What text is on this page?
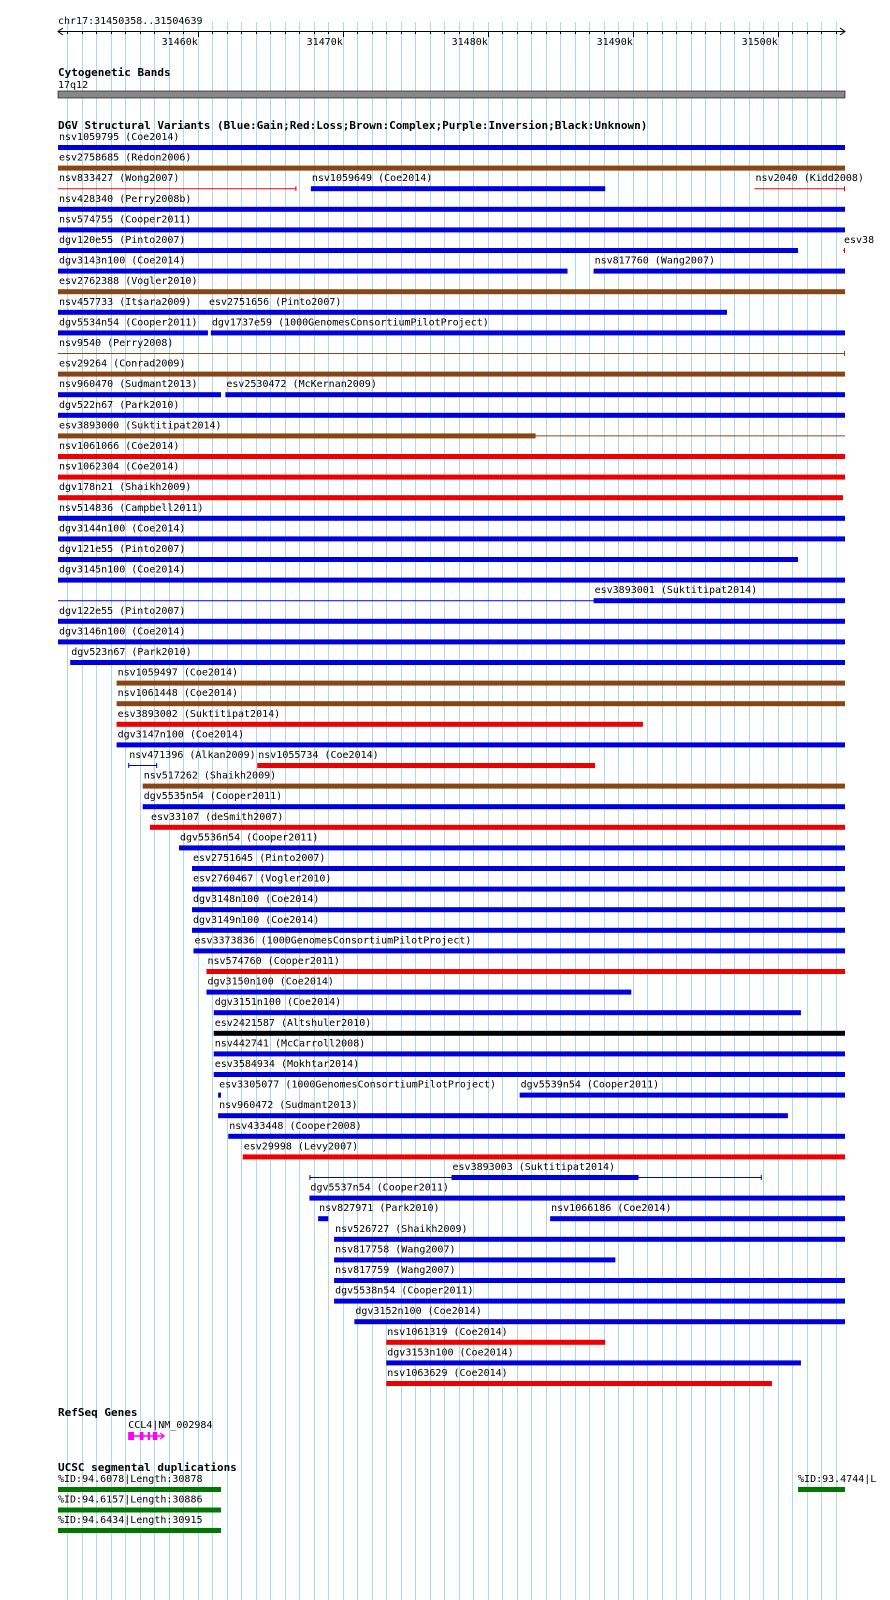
chr17:31450358..31504639
31460k	31470k	31480k	31490k	31500k
Cytogenetic Bands
17q12
DGV Structural Variants (Blue:Gain;Red:Loss;Brown:Complex;Purple:Inversion;Black:Unknown)
nsv1059795 (Coe2014)
esv2758685 (Redon2006)
nsv833427 (Wong2007)	nsv1059649 (Coe2014)	nsv2040 (Kidd2008)
nsv428340 (Perry2008b)
nsv574755 (Cooper2011)
dgv120e55 (Pinto2007)	esv38
dgv3143n100 (Coe2014)	nsv817760 (Wang2007)
esv2762388 (Vogler2010)
nsv457733 (Itsara2009) esv2751656 (Pinto2007)
dgv5534n54 (Cooper2011) dgv1737e59 (1000GenomesConsortiumPilotProject)
nsv9540 (Perry2008)
esv29264 (Conrad2009)
nsv960470 (Sudmant2013)	esv2530472 (McKernan2009)
dgv522n67 (Park2010)
esv3893000 (Suktitipat2014)
nsv1061066 (Coe2014)
nsv1062304 (Coe2014)
dgv178n21 (Shaikh2009)
nsv514836 (Campbell2011)
dgv3144n100 (Coe2014)
dgv121e55 (Pinto2007)
dgv3145n100 (Coe2014)
esv3893001 (Suktitipat2014)
dgv122e55 (Pinto2007)
dgv3146n100 (Coe2014)
dgv523n67 (Park2010)
nsv1059497 (Coe2014)
nsv1061448 (Coe2014)
esv3893002 (Suktitipat2014)
dgv3147n100 (Coe2014)
nsv471396 (Alkan2009) nsv1055734 (Coe2014)
nsv517262 (Shaikh2009)
dgv5535n54 (Cooper2011)
esv33107 (deSmith2007)
dgv5536n54 (Cooper2011)
esv2751645 (Pinto2007)
esv2760467 (Vogler2010)
dgv3148n100 (Coe2014)
dgv3149n100 (Coe2014)
esv3373836 (1000GenomesConsortiumPilotProject)
nsv574760 (Cooper2011)
dgv3150n100 (Coe2014)
dgv3151n100 (Coe2014)
esv2421587 (Altshuler2010)
nsv442741 (McCarroll2008)
esv3584934 (Mokhtar2014)
esv3305077 (1000GenomesConsortiumPilotProject) dgv5539n54 (Cooper2011)
nsv960472 (Sudmant2013)
nsv433448 (Cooper2008)
esv29998 (Levy2007)
esv3893003 (Suktitipat2014)
dgv5537n54 (Cooper2011)
nsv827971 (Park2010)	nsv1066186 (Coe2014)
nsv526727 (Shaikh2009)
nsv817758 (Wang2007)
nsv817759 (Wang2007)
dgv5538n54 (Cooper2011)
dgv3152n100 (Coe2014)
nsv1061319 (Coe2014)
dgv3153n100 (Coe2014)
nsv1063629 (Coe2014)
RefSeq Genes
CCL4|NM_002984
UCSC segmental duplications
%ID:94.6078|Length:30878	%ID:93.4744|L
%ID:94.6157|Length:30886
%ID:94.6434|Length:30915
